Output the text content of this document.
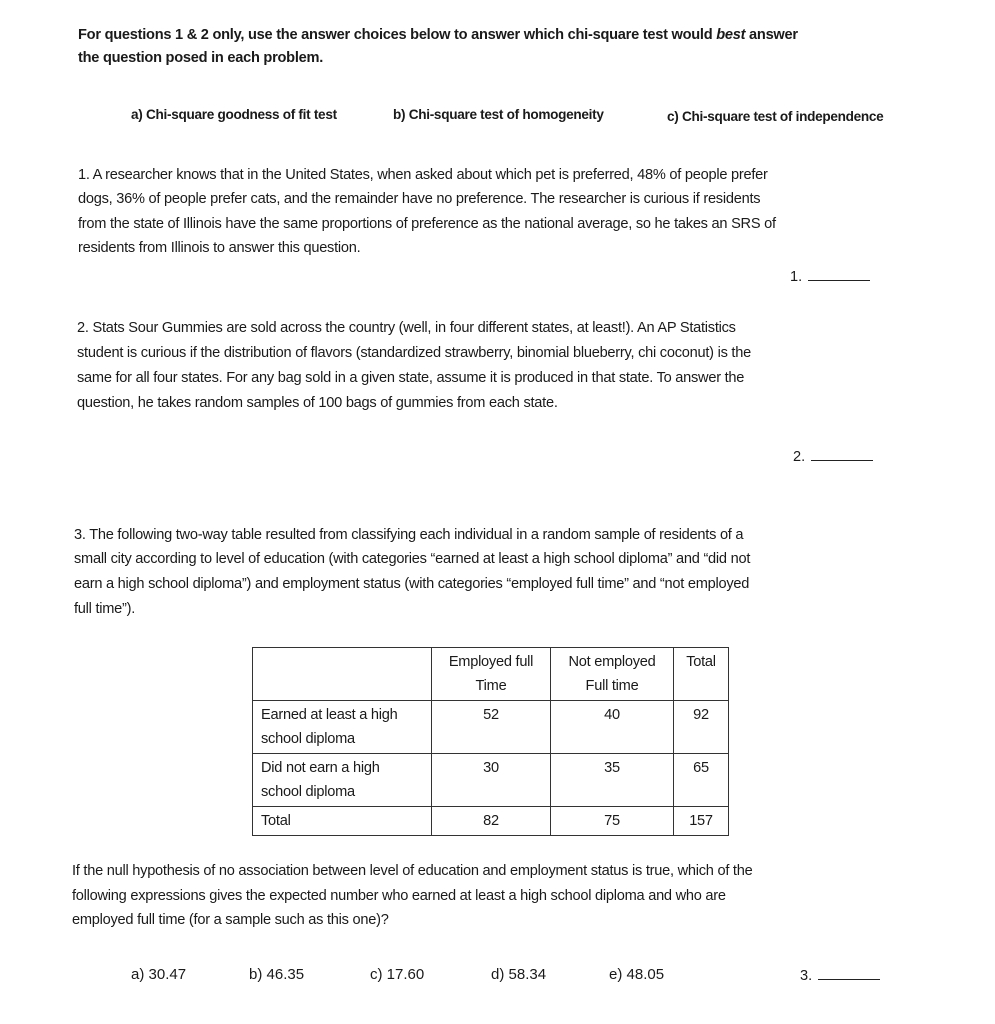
For questions 1 & 2 only, use the answer choices below to answer which chi-square test would best answer
the question posed in each problem.
a) Chi-square goodness of fit test	b) Chi-square test of homogeneity	c) Chi-square test of independence
1. A researcher knows that in the United States, when asked about which pet is preferred, 48% of people prefer
dogs, 36% of people prefer cats, and the remainder have no preference. The researcher is curious if residents
from the state of Illinois have the same proportions of preference as the national average, so he takes an SRS of
residents from Illinois to answer this question.
1.
2. Stats Sour Gummies are sold across the country (well, in four different states, at least!). An AP Statistics
student is curious if the distribution of flavors (standardized strawberry, binomial blueberry, chi coconut) is the
same for all four states. For any bag sold in a given state, assume it is produced in that state. To answer the
question, he takes random samples of 100 bags of gummies from each state.
2.
3. The following two-way table resulted from classifying each individual in a random sample of residents of a
small city according to level of education (with categories “earned at least a high school diploma” and “did not
earn a high school diploma”) and employment status (with categories “employed full time” and “not employed
full time”).
	Employed full Time	Not employed Full time	Total
Earned at least a high school diploma	52	40	92
Did not earn a high school diploma	30	35	65
Total	82	75	157
If the null hypothesis of no association between level of education and employment status is true, which of the
following expressions gives the expected number who earned at least a high school diploma and who are
employed full time (for a sample such as this one)?
a) 30.47	b) 46.35	c) 17.60	d) 58.34	e) 48.05	3.
